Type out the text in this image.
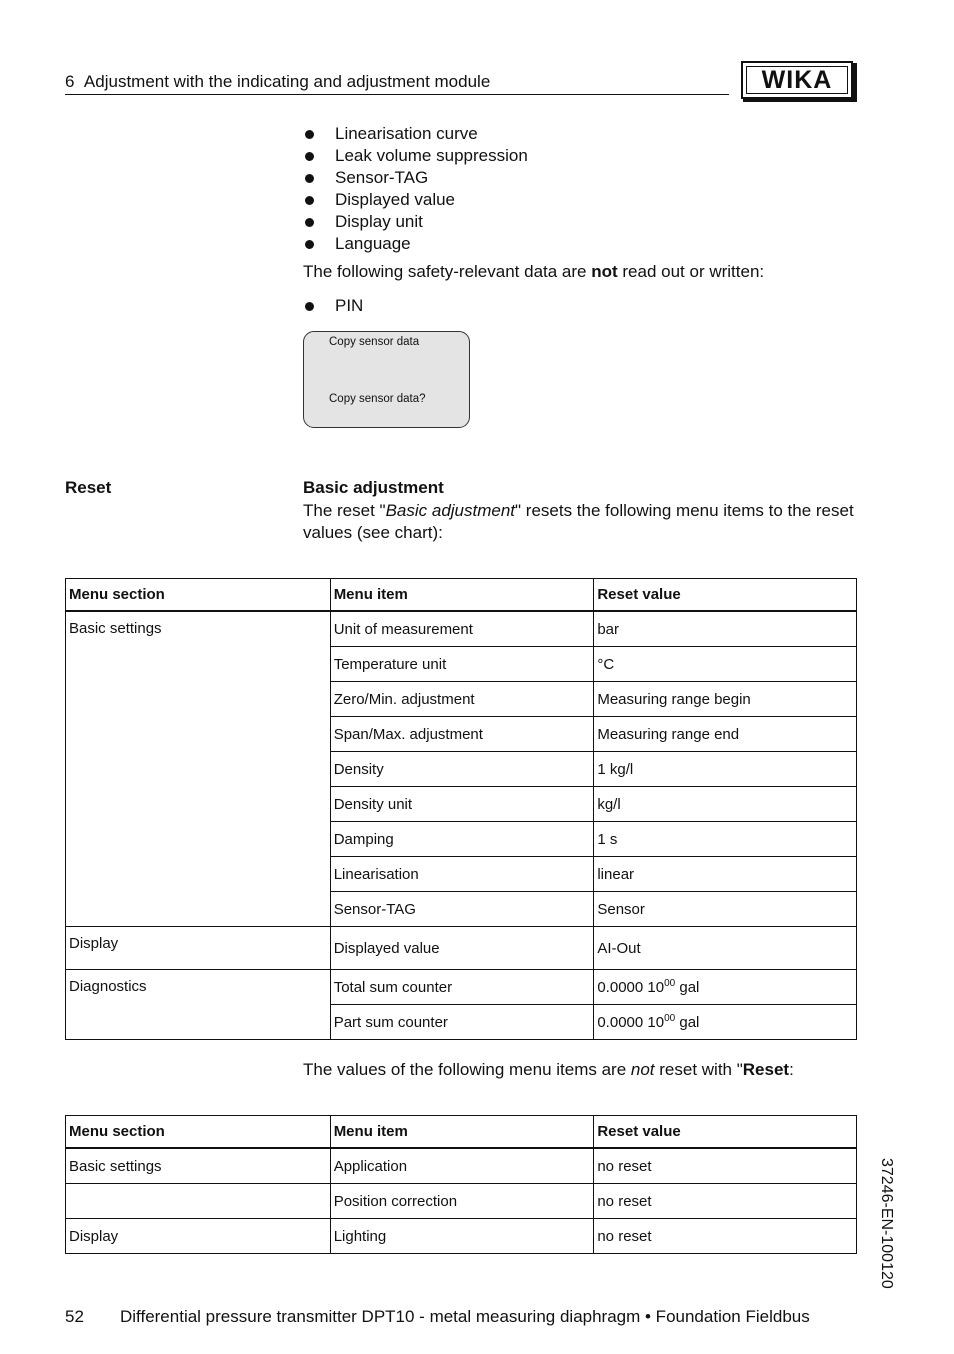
6 Adjustment with the indicating and adjustment module	WIKA
Linearisation curve
Leak volume suppression
Sensor-TAG
Displayed value
Display unit
Language
The following safety-relevant data are not read out or written:
PIN
Copy sensor data
Copy sensor data?
Reset	Basic adjustment
The reset "Basic adjustment" resets the following menu items to the reset values (see chart):
Menu section	Menu item	Reset value
Basic settings	Unit of measurement	bar
	Temperature unit	°C
	Zero/Min. adjustment	Measuring range begin
	Span/Max. adjustment	Measuring range end
	Density	1 kg/l
	Density unit	kg/l
	Damping	1 s
	Linearisation	linear
	Sensor-TAG	Sensor
Display	Displayed value	AI-Out
Diagnostics	Total sum counter	0.0000 $10^{00}$ gal
	Part sum counter	0.0000 $10^{00}$ gal
The values of the following menu items are not reset with "Reset:
Menu section	Menu item	Reset value
Basic settings	Application	no reset
	Position correction	no reset
Display	Lighting	no reset	37246-EN-100120
52 Differential pressure transmitter DPT10 - metal measuring diaphragm • Foundation Fieldbus
